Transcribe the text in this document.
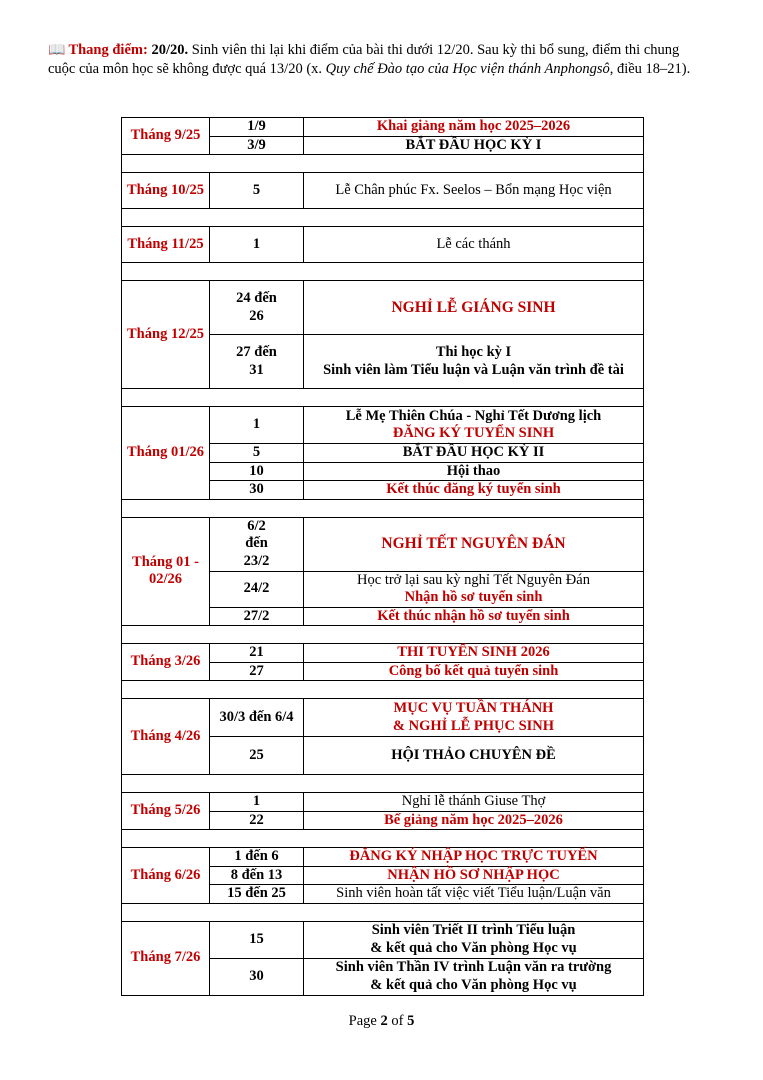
📖 Thang điểm: 20/20. Sinh viên thi lại khi điểm của bài thi dưới 12/20. Sau kỳ thi bổ sung, điểm thi chung cuộc của môn học sẽ không được quá 13/20 (x. Quy chế Đào tạo của Học viện thánh Anphongsô, điều 18–21).
Tháng 9/25	1/9	Khai giảng năm học 2025–2026

	3/9	BẮT ĐẦU HỌC KỲ I

Tháng 10/25	5	Lễ Chân phúc Fx. Seelos – Bổn mạng Học viện

Tháng 11/25	1	Lễ các thánh

Tháng 12/25	24 đến 26	NGHỈ LỄ GIÁNG SINH

	27 đến 31	Thi học kỳ I
Sinh viên làm Tiểu luận và Luận văn trình đề tài

Tháng 01/26	1	Lễ Mẹ Thiên Chúa - Nghỉ Tết Dương lịch
ĐĂNG KÝ TUYỂN SINH

	5	BẮT ĐẦU HỌC KỲ II

	10	Hội thao

	30	Kết thúc đăng ký tuyển sinh

Tháng 01 - 02/26	6/2 đến 23/2	NGHỈ TẾT NGUYÊN ĐÁN

	24/2	Học trở lại sau kỳ nghỉ Tết Nguyên Đán
Nhận hồ sơ tuyển sinh

	27/2	Kết thúc nhận hồ sơ tuyển sinh

Tháng 3/26	21	THI TUYỂN SINH 2026

	27	Công bố kết quả tuyển sinh

Tháng 4/26	30/3 đến 6/4	MỤC VỤ TUẦN THÁNH
& NGHỈ LỄ PHỤC SINH

	25	HỘI THẢO CHUYÊN ĐỀ

Tháng 5/26	1	Nghỉ lễ thánh Giuse Thợ

	22	Bế giảng năm học 2025–2026

Tháng 6/26	1 đến 6	ĐĂNG KÝ NHẬP HỌC TRỰC TUYẾN

	8 đến 13	NHẬN HỒ SƠ NHẬP HỌC

	15 đến 25	Sinh viên hoàn tất việc viết Tiểu luận/Luận văn

Tháng 7/26	15	Sinh viên Triết II trình Tiểu luận
& kết quả cho Văn phòng Học vụ

	30	Sinh viên Thần IV trình Luận văn ra trường
& kết quả cho Văn phòng Học vụ
Page 2 of 5
